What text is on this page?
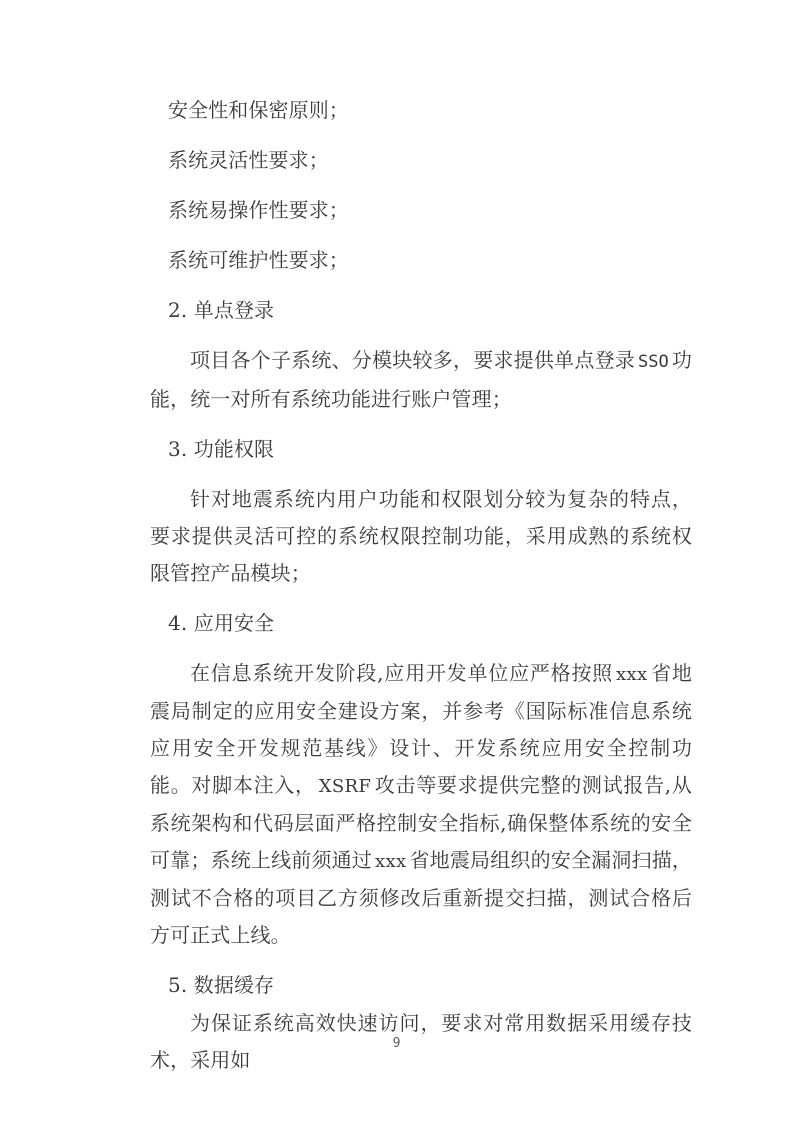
安全性和保密原则；
系统灵活性要求；
系统易操作性要求；
系统可维护性要求；
2. 单点登录
项目各个子系统、分模块较多，要求提供单点登录 SSO 功能，统一对所有系统功能进行账户管理；
3. 功能权限
针对地震系统内用户功能和权限划分较为复杂的特点，要求提供灵活可控的系统权限控制功能，采用成熟的系统权限管控产品模块；
4. 应用安全
在信息系统开发阶段,应用开发单位应严格按照 xxx 省地震局制定的应用安全建设方案，并参考《国际标准信息系统应用安全开发规范基线》设计、开发系统应用安全控制功能。对脚本注入， XSRF 攻击等要求提供完整的测试报告,从系统架构和代码层面严格控制安全指标,确保整体系统的安全可靠；系统上线前须通过 xxx 省地震局组织的安全漏洞扫描，测试不合格的项目乙方须修改后重新提交扫描，测试合格后方可正式上线。
5. 数据缓存
为保证系统高效快速访问，要求对常用数据采用缓存技术，采用如
9
